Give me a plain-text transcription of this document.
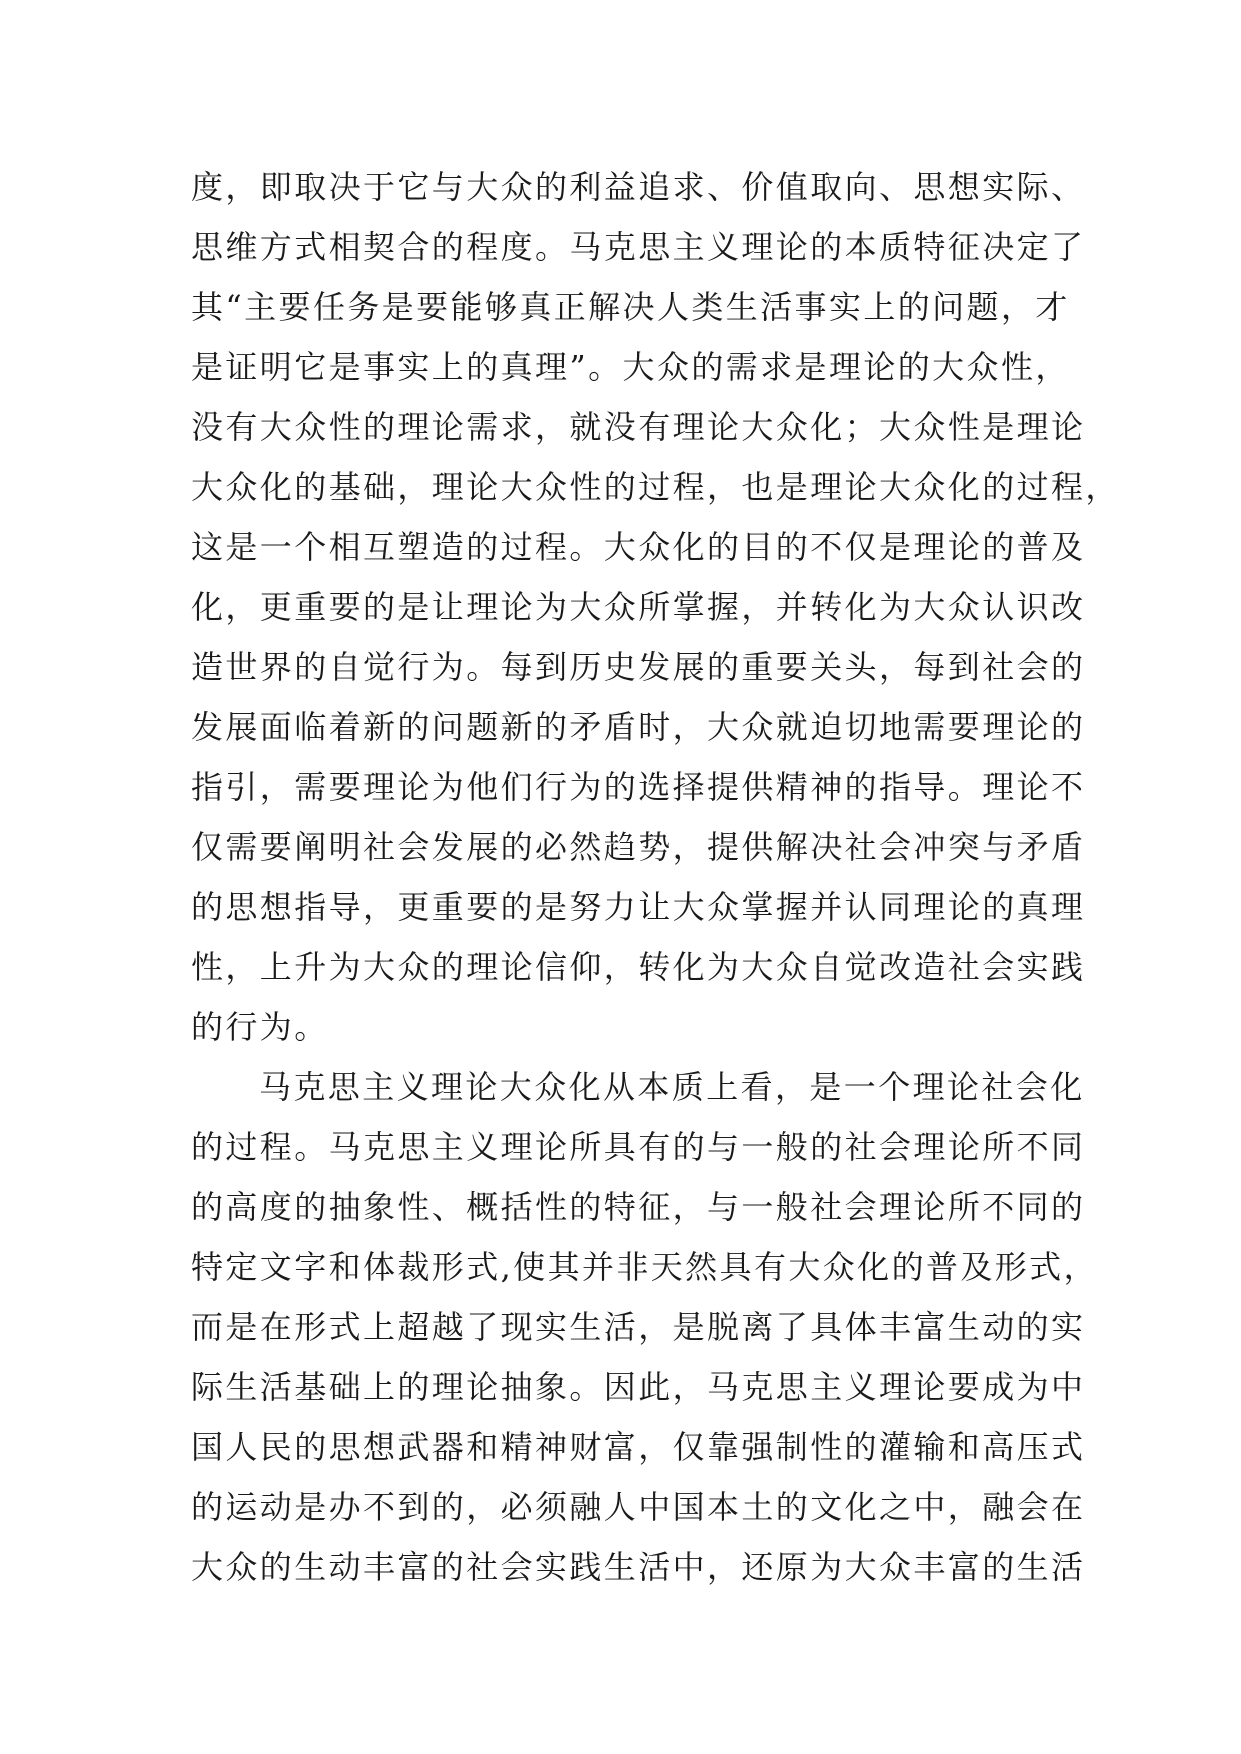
度，即取决于它与大众的利益追求、价值取向、思想实际、
思维方式相契合的程度。马克思主义理论的本质特征决定了
其“主要任务是要能够真正解决人类生活事实上的问题，才
是证明它是事实上的真理”。大众的需求是理论的大众性，
没有大众性的理论需求，就没有理论大众化；大众性是理论
大众化的基础，理论大众性的过程，也是理论大众化的过程，
这是一个相互塑造的过程。大众化的目的不仅是理论的普及
化，更重要的是让理论为大众所掌握，并转化为大众认识改
造世界的自觉行为。每到历史发展的重要关头，每到社会的
发展面临着新的问题新的矛盾时，大众就迫切地需要理论的
指引，需要理论为他们行为的选择提供精神的指导。理论不
仅需要阐明社会发展的必然趋势，提供解决社会冲突与矛盾
的思想指导，更重要的是努力让大众掌握并认同理论的真理
性，上升为大众的理论信仰，转化为大众自觉改造社会实践
的行为。
马克思主义理论大众化从本质上看，是一个理论社会化
的过程。马克思主义理论所具有的与一般的社会理论所不同
的高度的抽象性、概括性的特征，与一般社会理论所不同的
特定文字和体裁形式,使其并非天然具有大众化的普及形式，
而是在形式上超越了现实生活，是脱离了具体丰富生动的实
际生活基础上的理论抽象。因此，马克思主义理论要成为中
国人民的思想武器和精神财富，仅靠强制性的灌输和高压式
的运动是办不到的，必须融人中国本土的文化之中，融会在
大众的生动丰富的社会实践生活中，还原为大众丰富的生活
